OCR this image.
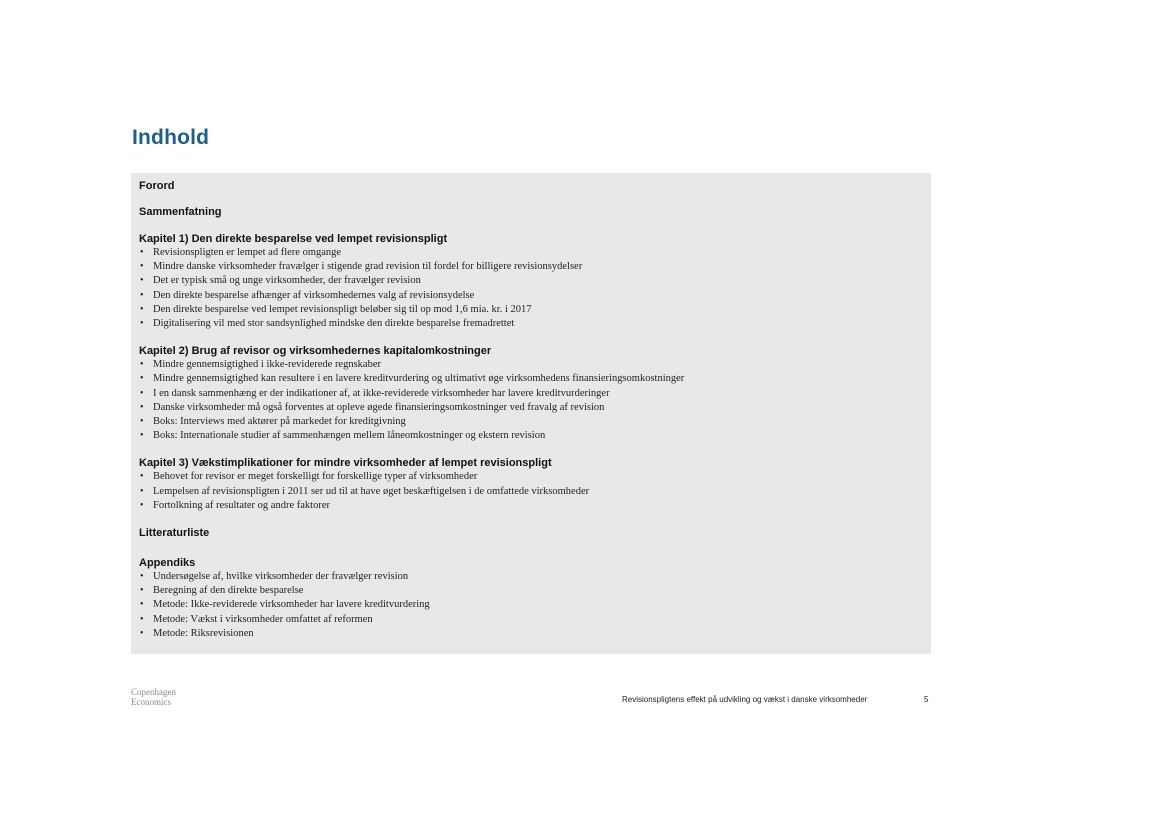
Indhold

Forord

Sammenfatning

Kapitel 1) Den direkte besparelse ved lempet revisionspligt

• Revisionspligten er lempet ad flere omgange
• Mindre danske virksomheder fravælger i stigende grad revision til fordel for billigere revisionsydelser
• Det er typisk små og unge virksomheder, der fravælger revision
• Den direkte besparelse afhænger af virksomhedernes valg af revisionsydelse
• Den direkte besparelse ved lempet revisionspligt beløber sig til op mod 1,6 mia. kr. i 2017
• Digitalisering vil med stor sandsynlighed mindske den direkte besparelse fremadrettet

Kapitel 2) Brug af revisor og virksomhedernes kapitalomkostninger

• Mindre gennemsigtighed i ikke-reviderede regnskaber
• Mindre gennemsigtighed kan resultere i en lavere kreditvurdering og ultimativt øge virksomhedens finansieringsomkostninger
• I en dansk sammenhæng er der indikationer af, at ikke-reviderede virksomheder har lavere kreditvurderinger
• Danske virksomheder må også forventes at opleve øgede finansieringsomkostninger ved fravalg af revision
• Boks: Interviews med aktører på markedet for kreditgivning
• Boks: Internationale studier af sammenhængen mellem låneomkostninger og ekstern revision

Kapitel 3) Vækstimplikationer for mindre virksomheder af lempet revisionspligt

• Behovet for revisor er meget forskelligt for forskellige typer af virksomheder
• Lempelsen af revisionspligten i 2011 ser ud til at have øget beskæftigelsen i de omfattede virksomheder
• Fortolkning af resultater og andre faktorer

Litteraturliste

Appendiks

• Undersøgelse af, hvilke virksomheder der fravælger revision
• Beregning af den direkte besparelse
• Metode: Ikke-reviderede virksomheder har lavere kreditvurdering
• Metode: Vækst i virksomheder omfattet af reformen
• Metode: Riksrevisionen
Copenhagen
Economics	Revisionspligtens effekt på udvikling og vækst i danske virksomheder	5
